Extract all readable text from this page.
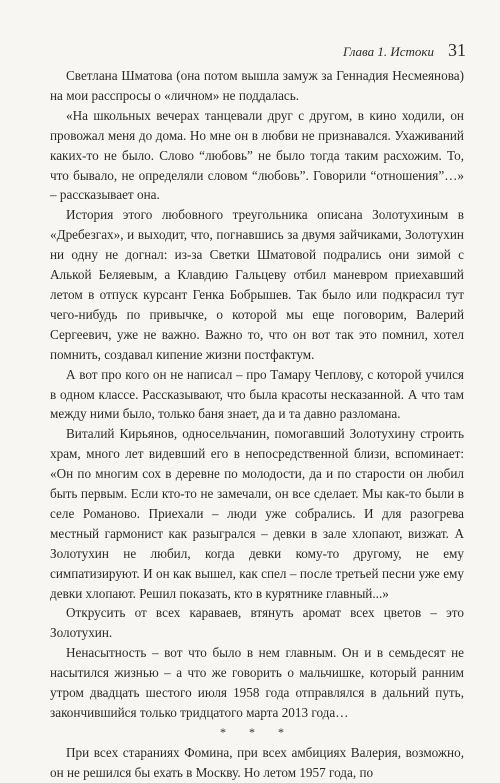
Глава 1. Истоки 31

Светлана Шматова (она потом вышла замуж за Геннадия Несмеянова) на мои расспросы о «личном» не поддалась.

«На школьных вечерах танцевали друг с другом, в кино ходили, он провожал меня до дома. Но мне он в любви не признавался. Ухаживаний каких-то не было. Слово “любовь” не было тогда таким расхожим. То, что бывало, не определяли словом “любовь”. Говорили “отношения”…» – рассказывает она.

История этого любовного треугольника описана Золотухиным в «Дребезгах», и выходит, что, погнавшись за двумя зайчиками, Золотухин ни одну не догнал: из-за Светки Шматовой подрались они зимой с Алькой Беляевым, а Клавдию Гальцеву отбил маневром приехавший летом в отпуск курсант Генка Бобрышев. Так было или подкрасил тут чего-нибудь по привычке, о которой мы еще поговорим, Валерий Сергеевич, уже не важно. Важно то, что он вот так это помнил, хотел помнить, создавал кипение жизни постфактум.

А вот про кого он не написал – про Тамару Чеплову, с которой учился в одном классе. Рассказывают, что была красоты несказанной. А что там между ними было, только баня знает, да и та давно разломана.

Виталий Кирьянов, односельчанин, помогавший Золотухину строить храм, много лет видевший его в непосредственной близи, вспоминает: «Он по многим сох в деревне по молодости, да и по старости он любил быть первым. Если кто-то не замечали, он все сделает. Мы как-то были в селе Романово. Приехали – люди уже собрались. И для разогрева местный гармонист как разыгрался – девки в зале хлопают, визжат. А Золотухин не любил, когда девки кому-то другому, не ему симпатизируют. И он как вышел, как спел – после третьей песни уже ему девки хлопают. Решил показать, кто в курятнике главный...»

Открусить от всех караваев, втянуть аромат всех цветов – это Золотухин.

Ненасытность – вот что было в нем главным. Он и в семьдесят не насытился жизнью – а что же говорить о мальчишке, который ранним утром двадцать шестого июля 1958 года отправлялся в дальний путь, закончившийся только тридцатого марта 2013 года…

* * *

При всех стараниях Фомина, при всех амбициях Валерия, возможно, он не решился бы ехать в Москву. Но летом 1957 года, по
